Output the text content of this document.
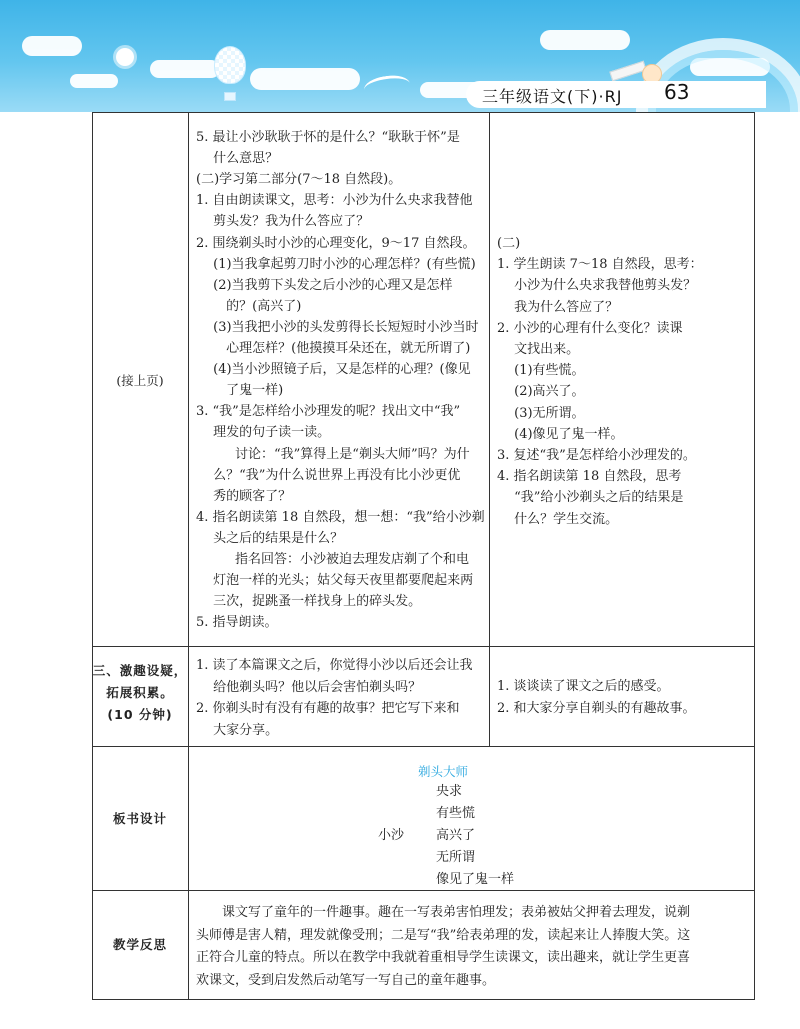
三年级语文(下)·RJ 63
(接上页)
5. 最让小沙耿耿于怀的是什么？“耿耿于怀”是
　 什么意思？
(二)学习第二部分(7～18 自然段)。
1. 自由朗读课文，思考：小沙为什么央求我替他
　 剪头发？我为什么答应了？
2. 围绕剃头时小沙的心理变化，9～17 自然段。
　 (1)当我拿起剪刀时小沙的心理怎样？(有些慌)
　 (2)当我剪下头发之后小沙的心理又是怎样
　　 的？(高兴了)
　 (3)当我把小沙的头发剪得长长短短时小沙当时
　　 心理怎样？(他摸摸耳朵还在，就无所谓了)
　 (4)当小沙照镜子后，又是怎样的心理？(像见
　　 了鬼一样)
3. “我”是怎样给小沙理发的呢？找出文中“我”
　 理发的句子读一读。
　　　讨论：“我”算得上是“剃头大师”吗？为什
　 么？“我”为什么说世界上再没有比小沙更优
　 秀的顾客了？
4. 指名朗读第 18 自然段，想一想：“我”给小沙剃
　 头之后的结果是什么？
　　　指名回答：小沙被迫去理发店剃了个和电
　 灯泡一样的光头；姑父每天夜里都要爬起来两
　 三次，捉跳蚤一样找身上的碎头发。
5. 指导朗读。
(二)
1. 学生朗读 7～18 自然段，思考：
　 小沙为什么央求我替他剪头发？
　 我为什么答应了？
2. 小沙的心理有什么变化？读课
　 文找出来。
　 (1)有些慌。
　 (2)高兴了。
　 (3)无所谓。
　 (4)像见了鬼一样。
3. 复述“我”是怎样给小沙理发的。
4. 指名朗读第 18 自然段，思考
　 “我”给小沙剃头之后的结果是
　 什么？学生交流。
三、激趣设疑，
拓展积累。
(10 分钟)
1. 读了本篇课文之后，你觉得小沙以后还会让我
　 给他剃头吗？他以后会害怕剃头吗？
2. 你剃头时有没有有趣的故事？把它写下来和
　 大家分享。
1. 谈谈读了课文之后的感受。
2. 和大家分享自剃头的有趣故事。
板书设计
剃头大师
小沙
央求
有些慌
高兴了
无所谓
像见了鬼一样
教学反思
　　课文写了童年的一件趣事。趣在一写表弟害怕理发；表弟被姑父押着去理发，说剃
头师傅是害人精，理发就像受刑；二是写“我”给表弟理的发，读起来让人捧腹大笑。这
正符合儿童的特点。所以在教学中我就着重相导学生读课文，读出趣来，就让学生更喜
欢课文，受到启发然后动笔写一写自己的童年趣事。
